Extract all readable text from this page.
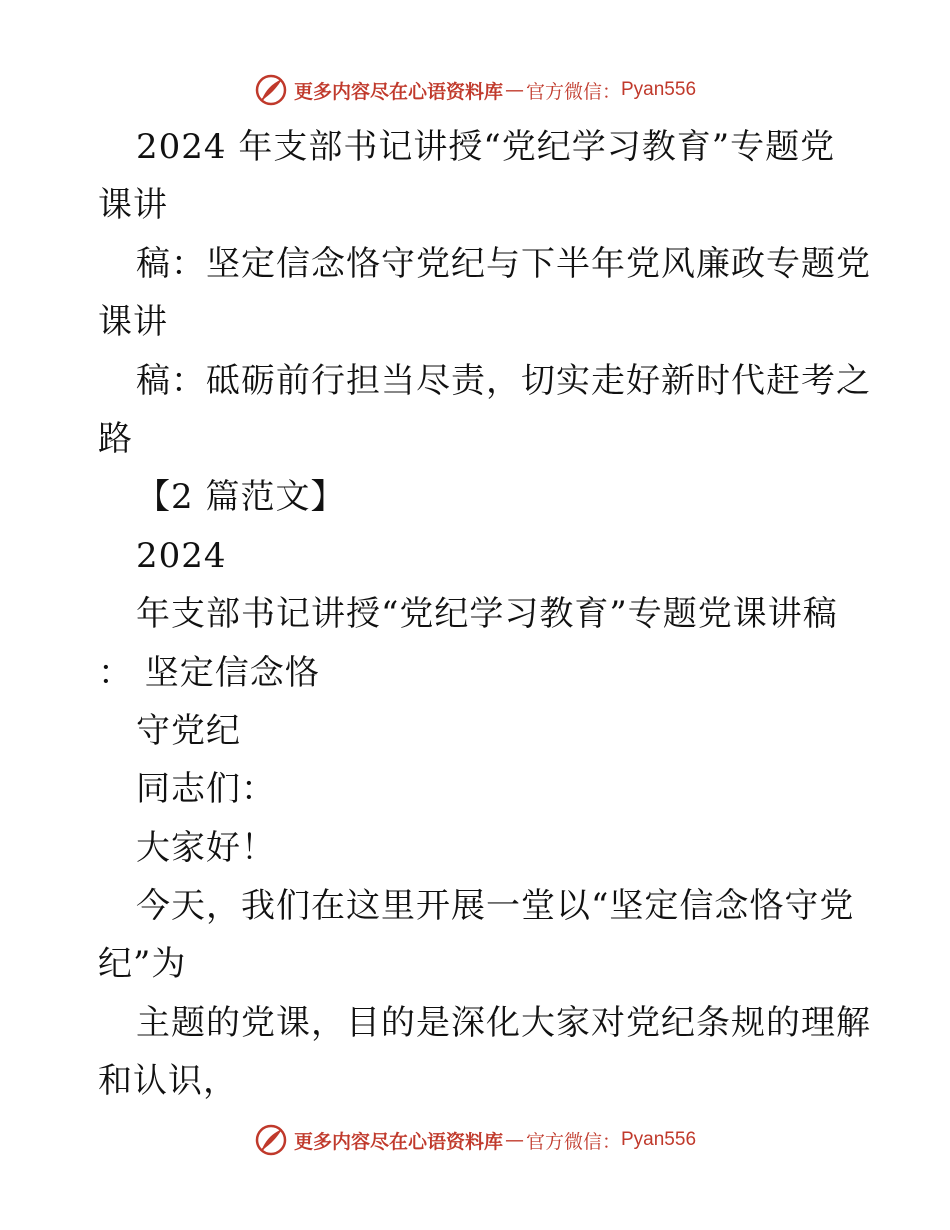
更多内容尽在心语资料库 — 官方微信： Pyan556
2024 年支部书记讲授“党纪学习教育”专题党
课讲
稿：坚定信念恪守党纪与下半年党风廉政专题党
课讲
稿：砥砺前行担当尽责，切实走好新时代赶考之
路
【2 篇范文】
2024
年支部书记讲授“党纪学习教育”专题党课讲稿
： 坚定信念恪
守党纪
同志们：
大家好！
今天，我们在这里开展一堂以“坚定信念恪守党
纪”为
主题的党课，目的是深化大家对党纪条规的理解
和认识，
更多内容尽在心语资料库 — 官方微信： Pyan556
